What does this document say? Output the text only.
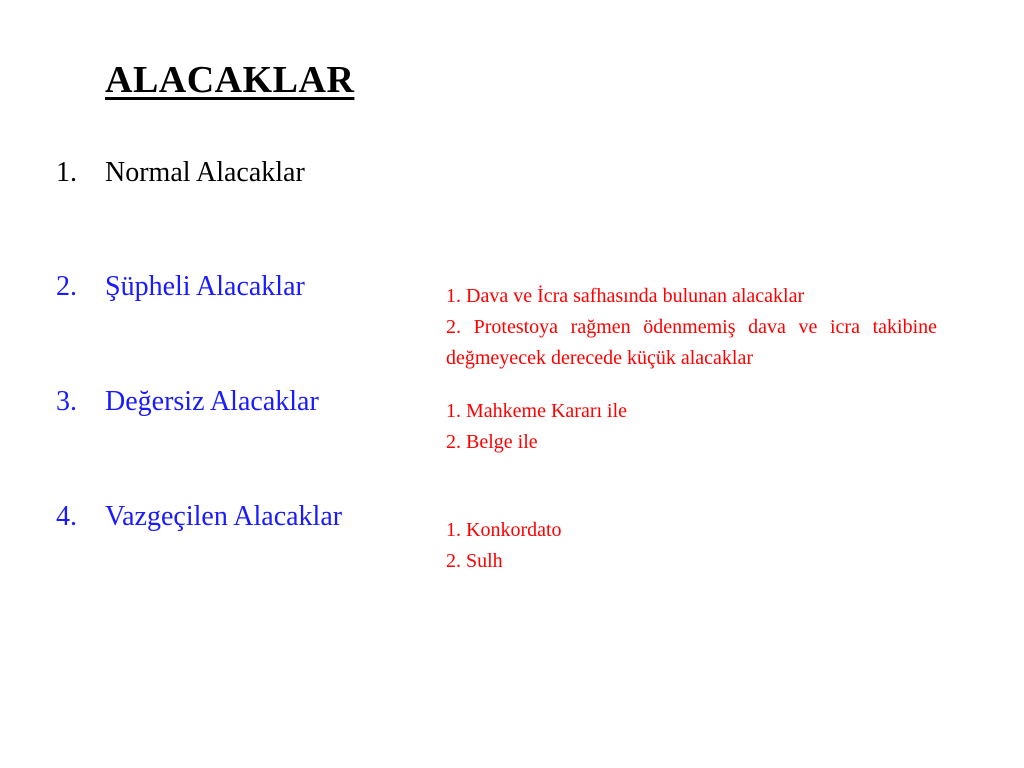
ALACAKLAR
1. Normal Alacaklar
2. Şüpheli Alacaklar
3. Değersiz Alacaklar
4. Vazgeçilen Alacaklar
1. Dava ve İcra safhasında bulunan alacaklar
2. Protestoya rağmen ödenmemiş dava ve icra takibine değmeyecek derecede küçük alacaklar
1. Mahkeme Kararı ile
2. Belge ile
1. Konkordato
2. Sulh
